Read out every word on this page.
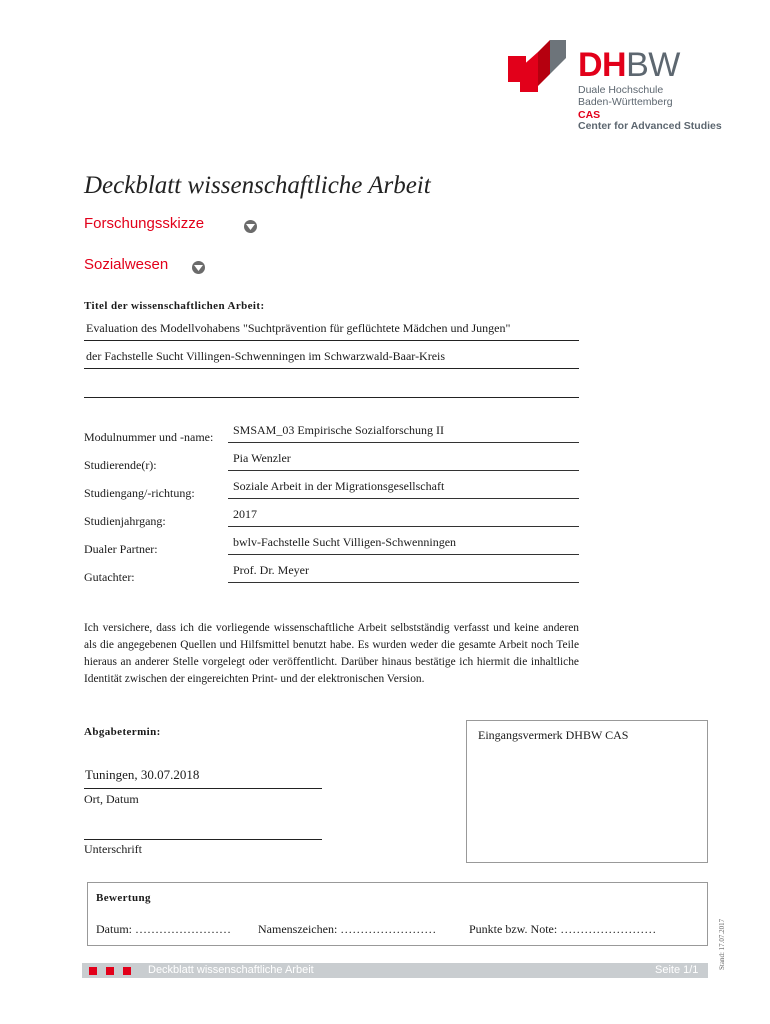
DHBW
Duale Hochschule
Baden-Württemberg
CAS
Center for Advanced Studies
Deckblatt wissenschaftliche Arbeit
Forschungsskizze
Sozialwesen
Titel der wissenschaftlichen Arbeit:
Evaluation des Modellvohabens "Suchtprävention für geflüchtete Mädchen und Jungen"
der Fachstelle Sucht Villingen-Schwenningen im Schwarzwald-Baar-Kreis
Modulnummer und -name: SMSAM_03 Empirische Sozialforschung II
Studierende(r):	Pia Wenzler
Studiengang/-richtung:	Soziale Arbeit in der Migrationsgesellschaft
Studienjahrgang:	2017
Dualer Partner:	bwlv-Fachstelle Sucht Villigen-Schwenningen
Gutachter:	Prof. Dr. Meyer
Ich versichere, dass ich die vorliegende wissenschaftliche Arbeit selbstständig verfasst und keine anderen als die angegebenen Quellen und Hilfsmittel benutzt habe. Es wurden weder die gesamte Arbeit noch Teile hieraus an anderer Stelle vorgelegt oder veröffentlicht. Darüber hinaus bestätige ich hiermit die inhaltliche Identität zwischen der eingereichten Print- und der elektronischen Version.
Abgabetermin:
Tuningen, 30.07.2018
Ort, Datum
Unterschrift
Eingangsvermerk DHBW CAS
Bewertung
Datum: …………………… Namenszeichen: ……………………	Punkte bzw. Note: ……………………
Deckblatt wissenschaftliche Arbeit	Seite 1/1	Stand: 17.07.2017
